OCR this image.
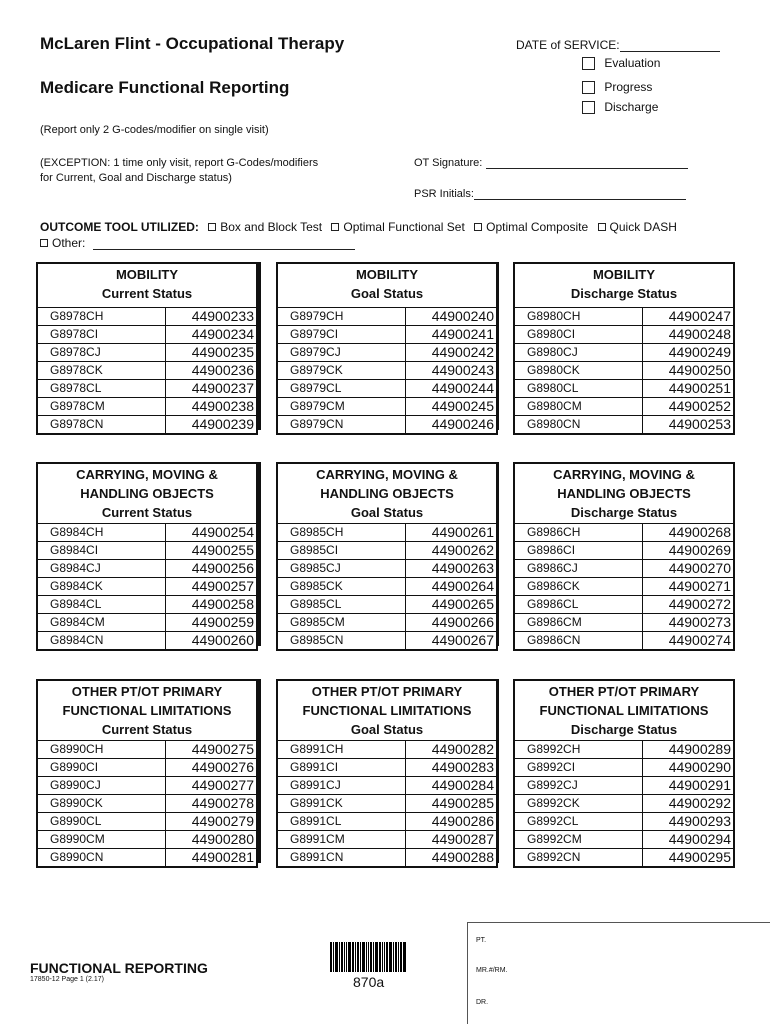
McLaren Flint - Occupational Therapy
Medicare Functional Reporting
DATE of SERVICE:
Evaluation
Progress
Discharge
(Report only 2 G-codes/modifier on single visit)
(EXCEPTION: 1 time only visit, report G-Codes/modifiers
for Current, Goal and Discharge status)
OT Signature:
PSR Initials:
OUTCOME TOOL UTILIZED: Box and Block Test Optimal Functional Set Optimal Composite Quick DASH
Other:
MOBILITY
Current Status
G8978CH	44900233
G8978CI	44900234
G8978CJ	44900235
G8978CK	44900236
G8978CL	44900237
G8978CM	44900238
G8978CN	44900239
MOBILITY
Goal Status
G8979CH	44900240
G8979CI	44900241
G8979CJ	44900242
G8979CK	44900243
G8979CL	44900244
G8979CM	44900245
G8979CN	44900246
MOBILITY
Discharge Status
G8980CH	44900247
G8980CI	44900248
G8980CJ	44900249
G8980CK	44900250
G8980CL	44900251
G8980CM	44900252
G8980CN	44900253
CARRYING, MOVING &
HANDLING OBJECTS
Current Status
G8984CH	44900254
G8984CI	44900255
G8984CJ	44900256
G8984CK	44900257
G8984CL	44900258
G8984CM	44900259
G8984CN	44900260
CARRYING, MOVING &
HANDLING OBJECTS
Goal Status
G8985CH	44900261
G8985CI	44900262
G8985CJ	44900263
G8985CK	44900264
G8985CL	44900265
G8985CM	44900266
G8985CN	44900267
CARRYING, MOVING &
HANDLING OBJECTS
Discharge Status
G8986CH	44900268
G8986CI	44900269
G8986CJ	44900270
G8986CK	44900271
G8986CL	44900272
G8986CM	44900273
G8986CN	44900274
OTHER PT/OT PRIMARY
FUNCTIONAL LIMITATIONS
Current Status
G8990CH	44900275
G8990CI	44900276
G8990CJ	44900277
G8990CK	44900278
G8990CL	44900279
G8990CM	44900280
G8990CN	44900281
OTHER PT/OT PRIMARY
FUNCTIONAL LIMITATIONS
Goal Status
G8991CH	44900282
G8991CI	44900283
G8991CJ	44900284
G8991CK	44900285
G8991CL	44900286
G8991CM	44900287
G8991CN	44900288
OTHER PT/OT PRIMARY
FUNCTIONAL LIMITATIONS
Discharge Status
G8992CH	44900289
G8992CI	44900290
G8992CJ	44900291
G8992CK	44900292
G8992CL	44900293
G8992CM	44900294
G8992CN	44900295
FUNCTIONAL REPORTING
17850-12 Page 1 (2.17)	870a
PT.
MR.#/RM.
DR.
